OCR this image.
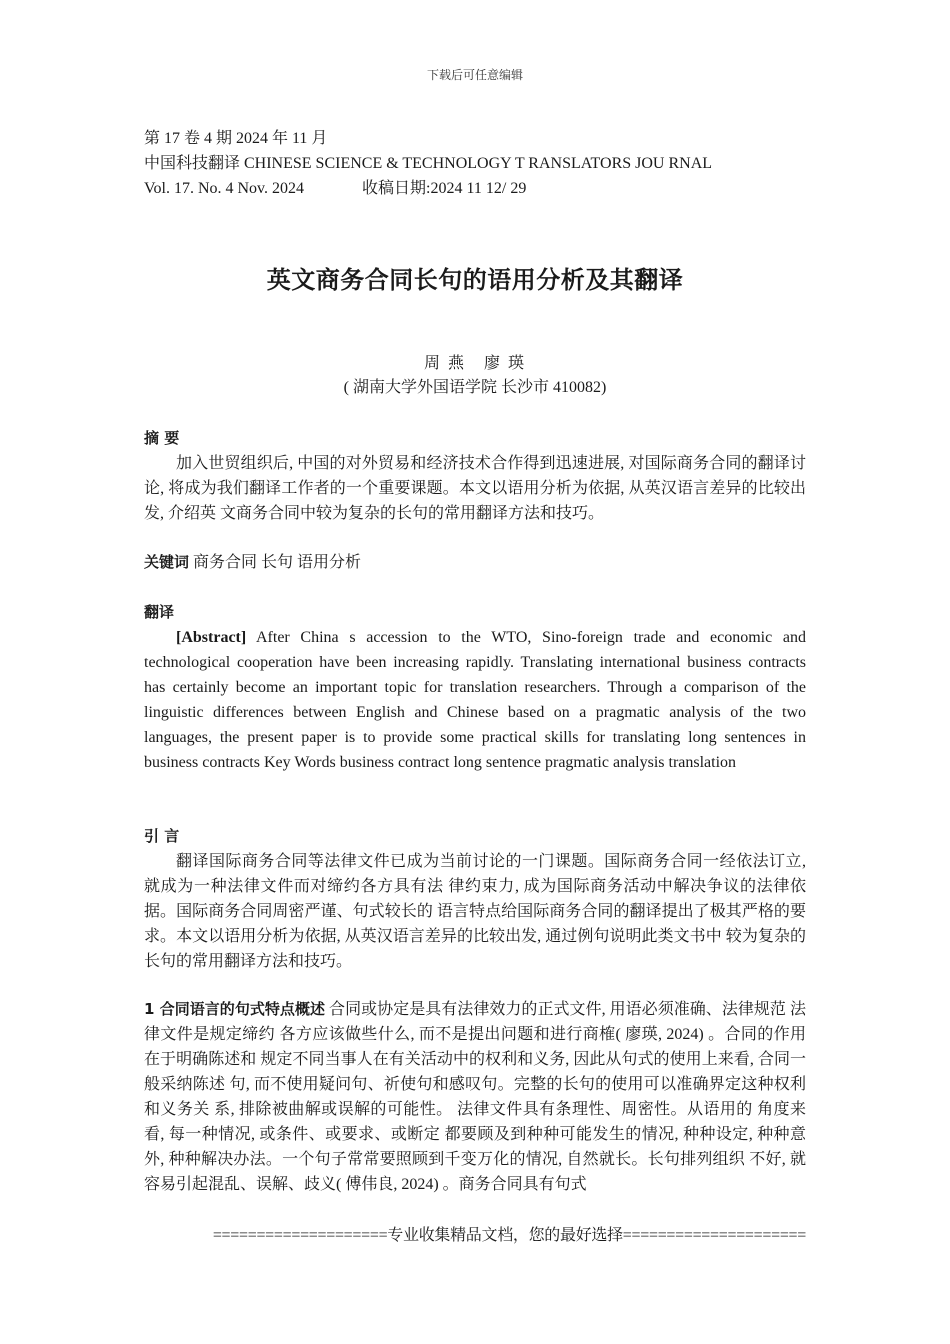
下载后可任意编辑
第 17 卷 4 期 2024 年 11 月
中国科技翻译 CHINESE SCIENCE & TECHNOLOGY T RANSLATORS JOU RNAL
Vol. 17. No. 4 Nov. 2024	收稿日期:2024 11 12/ 29
英文商务合同长句的语用分析及其翻译
周 燕　廖 瑛
( 湖南大学外国语学院 长沙市 410082)
摘 要

加入世贸组织后, 中国的对外贸易和经济技术合作得到迅速进展, 对国际商务合同的翻译讨论, 将成为我们翻译工作者的一个重要课题。本文以语用分析为依据, 从英汉语言差异的比较出发, 介绍英 文商务合同中较为复杂的长句的常用翻译方法和技巧。

关键词 商务合同 长句 语用分析

翻译

[Abstract] After China s accession to the WTO, Sino-foreign trade and economic and technological cooperation have been increasing rapidly. Translating international business contracts has certainly become an important topic for translation researchers. Through a comparison of the linguistic differences between English and Chinese based on a pragmatic analysis of the two languages, the present paper is to provide some practical skills for translating long sentences in business contracts Key Words business contract long sentence pragmatic analysis translation

引 言

翻译国际商务合同等法律文件已成为当前讨论的一门课题。国际商务合同一经依法订立, 就成为一种法律文件而对缔约各方具有法 律约束力, 成为国际商务活动中解决争议的法律依据。国际商务合同周密严谨、句式较长的 语言特点给国际商务合同的翻译提出了极其严格的要求。本文以语用分析为依据, 从英汉语言差异的比较出发, 通过例句说明此类文书中 较为复杂的长句的常用翻译方法和技巧。

1 合同语言的句式特点概述 合同或协定是具有法律效力的正式文件, 用语必须准确、法律规范 法律文件是规定缔约 各方应该做些什么, 而不是提出问题和进行商榷( 廖瑛, 2024) 。合同的作用在于明确陈述和 规定不同当事人在有关活动中的权利和义务, 因此从句式的使用上来看, 合同一般采纳陈述 句, 而不使用疑问句、祈使句和感叹句。完整的长句的使用可以准确界定这种权利和义务关 系, 排除被曲解或误解的可能性。 法律文件具有条理性、周密性。从语用的 角度来看, 每一种情况, 或条件、或要求、或断定 都要顾及到种种可能发生的情况, 种种设定, 种种意外, 种种解决办法。一个句子常常要照顾到千变万化的情况, 自然就长。长句排列组织 不好, 就容易引起混乱、误解、歧义( 傅伟良, 2024) 。商务合同具有句式

====================专业收集精品文档，您的最好选择=====================
